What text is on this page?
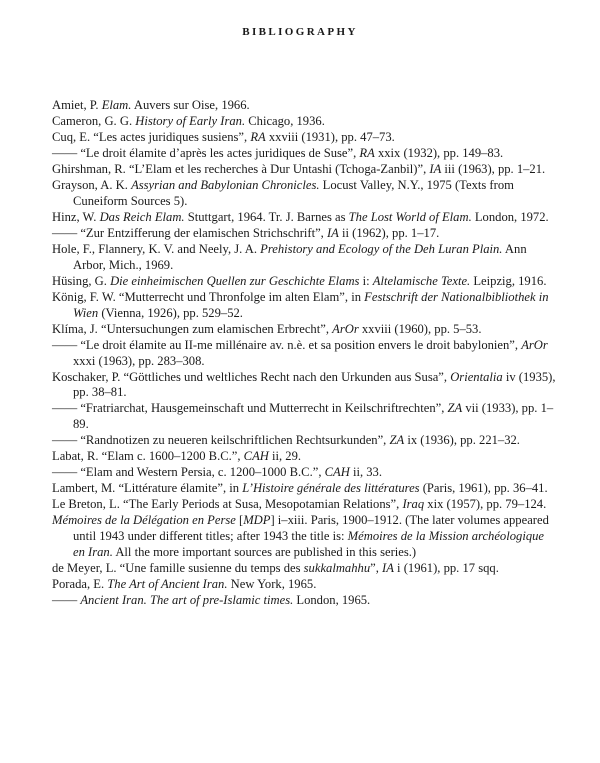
BIBLIOGRAPHY
Amiet, P. Elam. Auvers sur Oise, 1966.
Cameron, G. G. History of Early Iran. Chicago, 1936.
Cuq, E. “Les actes juridiques susiens”, RA xxviii (1931), pp. 47–73.
—— “Le droit élamite d’après les actes juridiques de Suse”, RA xxix (1932), pp. 149–83.
Ghirshman, R. “L’Elam et les recherches à Dur Untashi (Tchoga-Zanbil)”, IA iii (1963), pp. 1–21.
Grayson, A. K. Assyrian and Babylonian Chronicles. Locust Valley, N.Y., 1975 (Texts from Cuneiform Sources 5).
Hinz, W. Das Reich Elam. Stuttgart, 1964. Tr. J. Barnes as The Lost World of Elam. London, 1972.
—— “Zur Entzifferung der elamischen Strichschrift”, IA ii (1962), pp. 1–17.
Hole, F., Flannery, K. V. and Neely, J. A. Prehistory and Ecology of the Deh Luran Plain. Ann Arbor, Mich., 1969.
Hüsing, G. Die einheimischen Quellen zur Geschichte Elams i: Altelamische Texte. Leipzig, 1916.
König, F. W. “Mutterrecht und Thronfolge im alten Elam”, in Festschrift der Nationalbibliothek in Wien (Vienna, 1926), pp. 529–52.
Klíma, J. “Untersuchungen zum elamischen Erbrecht”, ArOr xxviii (1960), pp. 5–53.
—— “Le droit élamite au II-me millénaire av. n.è. et sa position envers le droit babylonien”, ArOr xxxi (1963), pp. 283–308.
Koschaker, P. “Göttliches und weltliches Recht nach den Urkunden aus Susa”, Orientalia iv (1935), pp. 38–81.
—— “Fratriarchat, Hausgemeinschaft und Mutterrecht in Keilschriftrechten”, ZA vii (1933), pp. 1–89.
—— “Randnotizen zu neueren keilschriftlichen Rechtsurkunden”, ZA ix (1936), pp. 221–32.
Labat, R. “Elam c. 1600–1200 B.C.”, CAH ii, 29.
—— “Elam and Western Persia, c. 1200–1000 B.C.”, CAH ii, 33.
Lambert, M. “Littérature élamite”, in L’Histoire générale des littératures (Paris, 1961), pp. 36–41.
Le Breton, L. “The Early Periods at Susa, Mesopotamian Relations”, Iraq xix (1957), pp. 79–124.
Mémoires de la Délégation en Perse [MDP] i–xiii. Paris, 1900–1912. (The later volumes appeared until 1943 under different titles; after 1943 the title is: Mémoires de la Mission archéologique en Iran. All the more important sources are published in this series.)
de Meyer, L. “Une famille susienne du temps des sukkalmahhu”, IA i (1961), pp. 17 sqq.
Porada, E. The Art of Ancient Iran. New York, 1965.
—— Ancient Iran. The art of pre-Islamic times. London, 1965.
